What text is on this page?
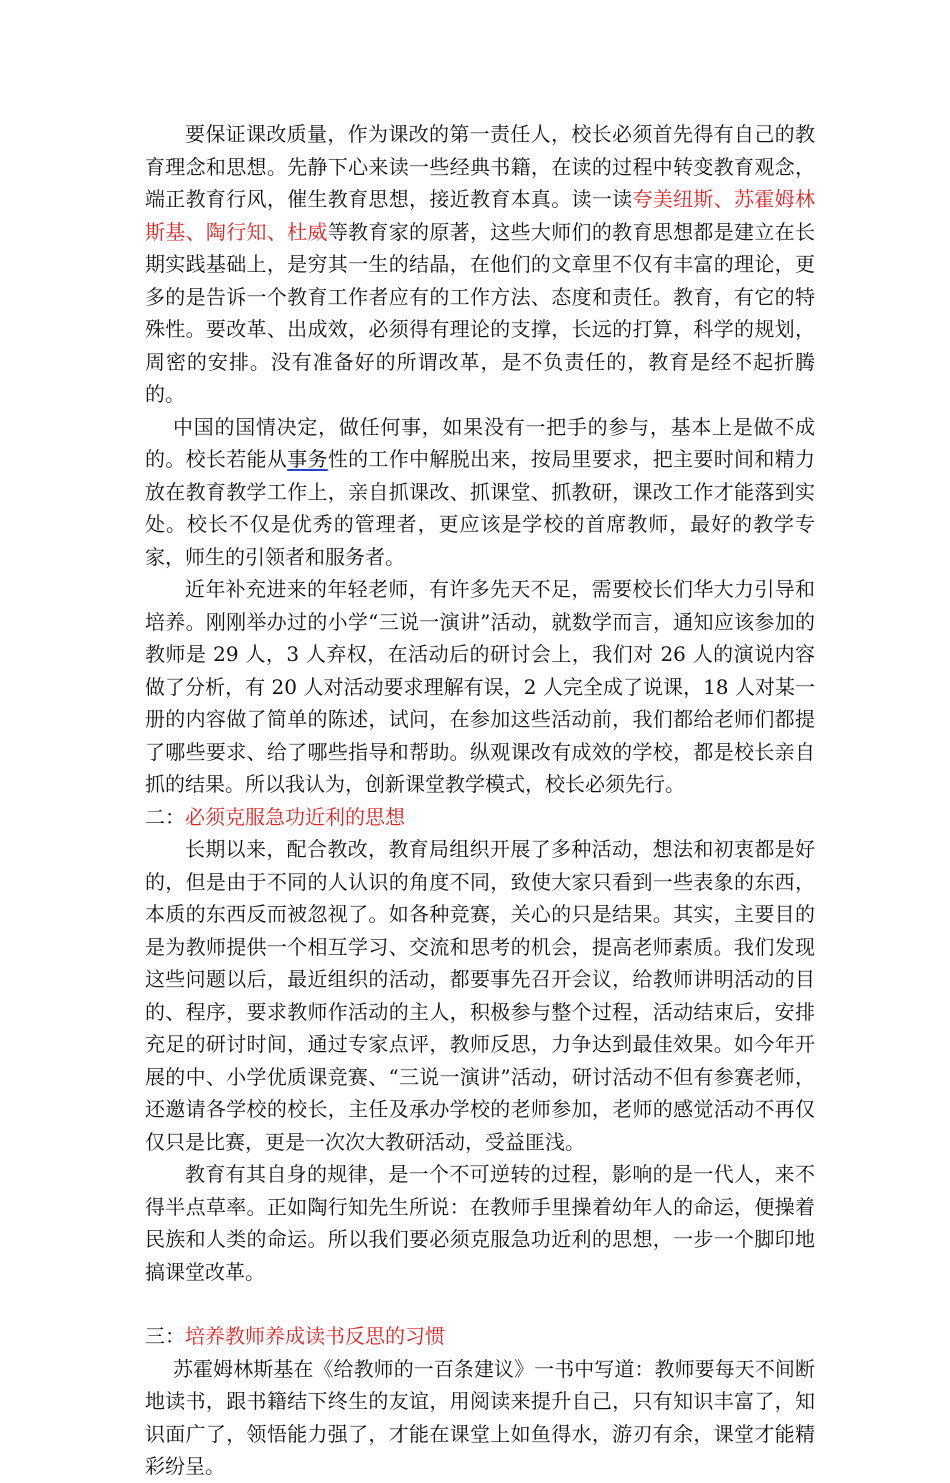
要保证课改质量，作为课改的第一责任人，校长必须首先得有自己的教育理念和思想。先静下心来读一些经典书籍，在读的过程中转变教育观念，端正教育行风，催生教育思想，接近教育本真。读一读夸美纽斯、苏霍姆林斯基、陶行知、杜威等教育家的原著，这些大师们的教育思想都是建立在长期实践基础上，是穷其一生的结晶，在他们的文章里不仅有丰富的理论，更多的是告诉一个教育工作者应有的工作方法、态度和责任。教育，有它的特殊性。要改革、出成效，必须得有理论的支撑，长远的打算，科学的规划，周密的安排。没有准备好的所谓改革，是不负责任的，教育是经不起折腾的。

中国的国情决定，做任何事，如果没有一把手的参与，基本上是做不成的。校长若能从事务性的工作中解脱出来，按局里要求，把主要时间和精力放在教育教学工作上，亲自抓课改、抓课堂、抓教研，课改工作才能落到实处。校长不仅是优秀的管理者，更应该是学校的首席教师，最好的教学专家，师生的引领者和服务者。

近年补充进来的年轻老师，有许多先天不足，需要校长们华大力引导和培养。刚刚举办过的小学“三说一演讲”活动，就数学而言，通知应该参加的教师是 29 人，3 人弃权，在活动后的研讨会上，我们对 26 人的演说内容做了分析，有 20 人对活动要求理解有误，2 人完全成了说课，18 人对某一册的内容做了简单的陈述，试问，在参加这些活动前，我们都给老师们都提了哪些要求、给了哪些指导和帮助。纵观课改有成效的学校，都是校长亲自抓的结果。所以我认为，创新课堂教学模式，校长必须先行。

二：必须克服急功近利的思想

长期以来，配合教改，教育局组织开展了多种活动，想法和初衷都是好的，但是由于不同的人认识的角度不同，致使大家只看到一些表象的东西，本质的东西反而被忽视了。如各种竞赛，关心的只是结果。其实，主要目的是为教师提供一个相互学习、交流和思考的机会，提高老师素质。我们发现这些问题以后，最近组织的活动，都要事先召开会议，给教师讲明活动的目的、程序，要求教师作活动的主人，积极参与整个过程，活动结束后，安排充足的研讨时间，通过专家点评，教师反思，力争达到最佳效果。如今年开展的中、小学优质课竞赛、“三说一演讲”活动，研讨活动不但有参赛老师，还邀请各学校的校长，主任及承办学校的老师参加，老师的感觉活动不再仅仅只是比赛，更是一次次大教研活动，受益匪浅。

教育有其自身的规律，是一个不可逆转的过程，影响的是一代人，来不得半点草率。正如陶行知先生所说：在教师手里操着幼年人的命运，便操着民族和人类的命运。所以我们要必须克服急功近利的思想，一步一个脚印地搞课堂改革。

三：培养教师养成读书反思的习惯

苏霍姆林斯基在《给教师的一百条建议》一书中写道：教师要每天不间断地读书，跟书籍结下终生的友谊，用阅读来提升自己，只有知识丰富了，知识面广了，领悟能力强了，才能在课堂上如鱼得水，游刃有余，课堂才能精彩纷呈。
